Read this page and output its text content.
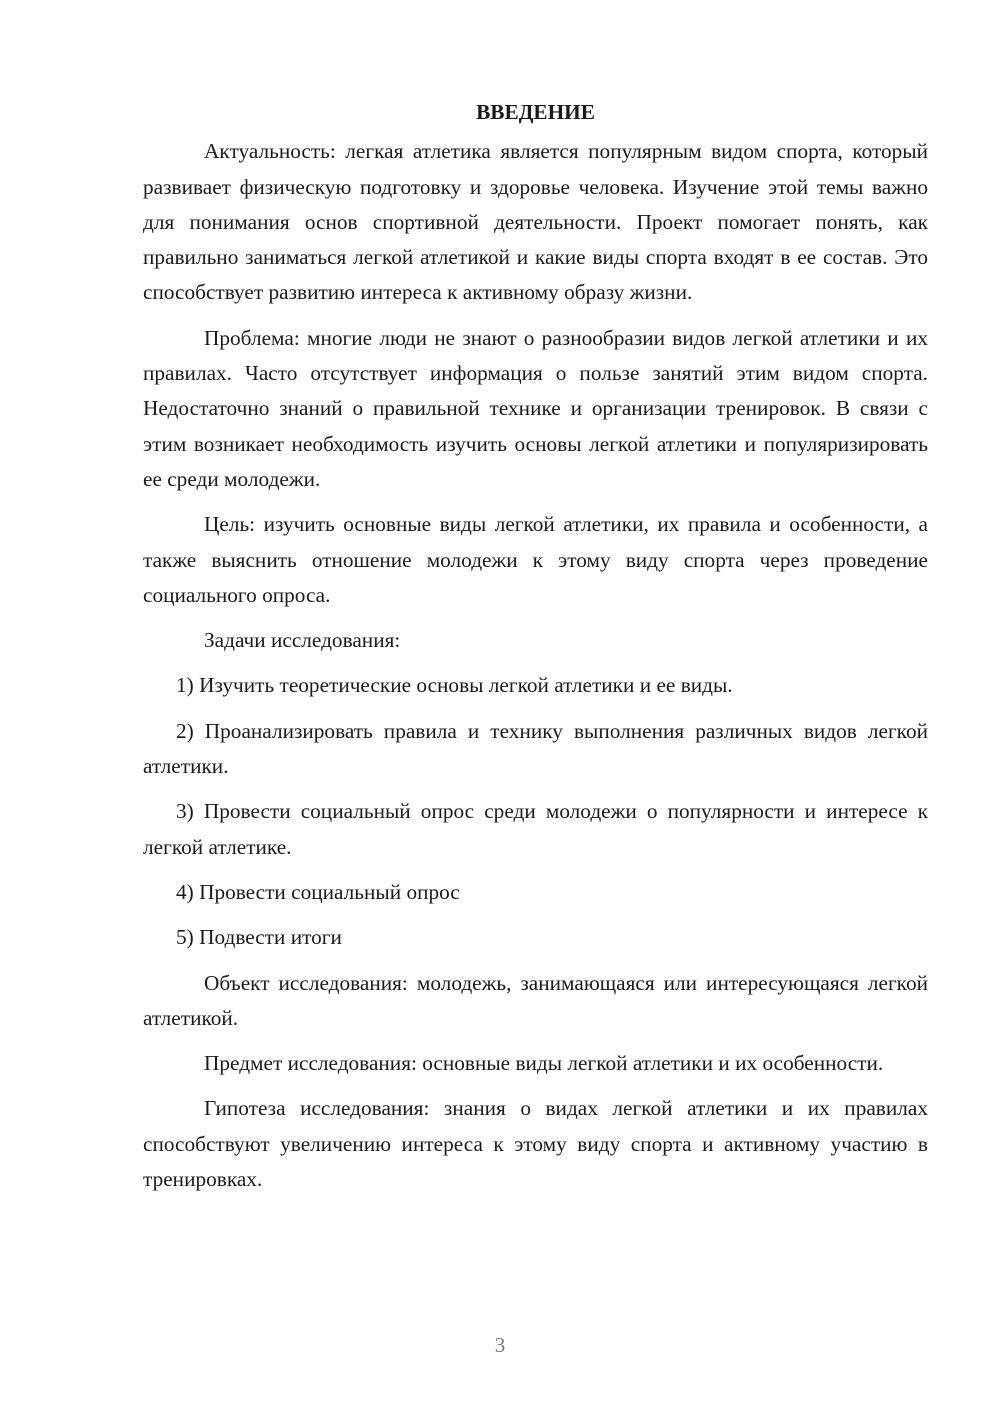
ВВЕДЕНИЕ
Актуальность: легкая атлетика является популярным видом спорта, который развивает физическую подготовку и здоровье человека. Изучение этой темы важно для понимания основ спортивной деятельности. Проект помогает понять, как правильно заниматься легкой атлетикой и какие виды спорта входят в ее состав. Это способствует развитию интереса к активному образу жизни.
Проблема: многие люди не знают о разнообразии видов легкой атлетики и их правилах. Часто отсутствует информация о пользе занятий этим видом спорта. Недостаточно знаний о правильной технике и организации тренировок. В связи с этим возникает необходимость изучить основы легкой атлетики и популяризировать ее среди молодежи.
Цель: изучить основные виды легкой атлетики, их правила и особенности, а также выяснить отношение молодежи к этому виду спорта через проведение социального опроса.
Задачи исследования:
1) Изучить теоретические основы легкой атлетики и ее виды.
2) Проанализировать правила и технику выполнения различных видов легкой атлетики.
3) Провести социальный опрос среди молодежи о популярности и интересе к легкой атлетике.
4) Провести социальный опрос
5) Подвести итоги
Объект исследования: молодежь, занимающаяся или интересующаяся легкой атлетикой.
Предмет исследования: основные виды легкой атлетики и их особенности.
Гипотеза исследования: знания о видах легкой атлетики и их правилах способствуют увеличению интереса к этому виду спорта и активному участию в тренировках.
3
